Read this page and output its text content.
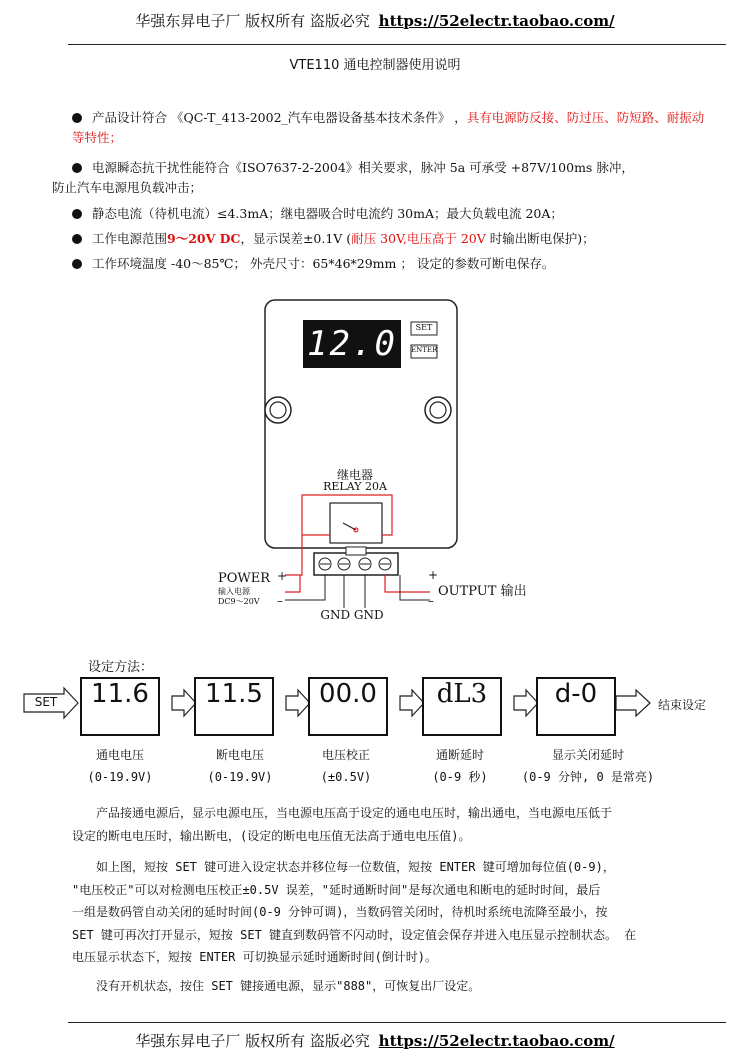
华强东昇电子厂 版权所有 盗版必究 https://52electr.taobao.com/
VTE110 通电控制器使用说明
产品设计符合 《QC-T_413-2002_汽车电器设备基本技术条件》 ，具有电源防反接、防过压、防短路、耐振动等特性；
电源瞬态抗干扰性能符合《ISO7637-2-2004》相关要求，脉冲 5a 可承受 +87V/100ms 脉冲，
防止汽车电源甩负载冲击；
静态电流（待机电流）≤4.3mA；继电器吸合时电流约 30mA；最大负载电流 20A；
工作电源范围9～20V DC，显示误差±0.1V (耐压 30V,电压高于 20V 时输出断电保护)；
工作环境温度 -40～85℃； 外壳尺寸：65*46*29mm ； 设定的参数可断电保存。
12.0	SET
ENTER
继电器
RELAY 20A
POWER +
输入电源
DC9～20V –
OUTPUT 输出
+
–
GND GND
设定方法：
SET	11.6	11.5	00.0	dL3	d-0	结束设定
通电电压
(0-19.9V)
断电电压
(0-19.9V)
电压校正
(±0.5V)
通断延时
(0-9 秒)
显示关闭延时
(0-9 分钟, 0 是常亮)
　　产品接通电源后，显示电源电压，当电源电压高于设定的通电电压时，输出通电，当电源电压低于
设定的断电电压时，输出断电，(设定的断电电压值无法高于通电电压值)。
　　如上图，短按 SET 键可进入设定状态并移位每一位数值，短按 ENTER 键可增加每位值(0-9)，
"电压校正"可以对检测电压校正±0.5V 误差，"延时通断时间"是每次通电和断电的延时时间，最后
一组是数码管自动关闭的延时时间(0-9 分钟可调)，当数码管关闭时，待机时系统电流降至最小，按
SET 键可再次打开显示，短按 SET 键直到数码管不闪动时，设定值会保存并进入电压显示控制状态。 在
电压显示状态下，短按 ENTER 可切换显示延时通断时间(倒计时)。
　　没有开机状态，按住 SET 键接通电源，显示"888"，可恢复出厂设定。
华强东昇电子厂 版权所有 盗版必究 https://52electr.taobao.com/
